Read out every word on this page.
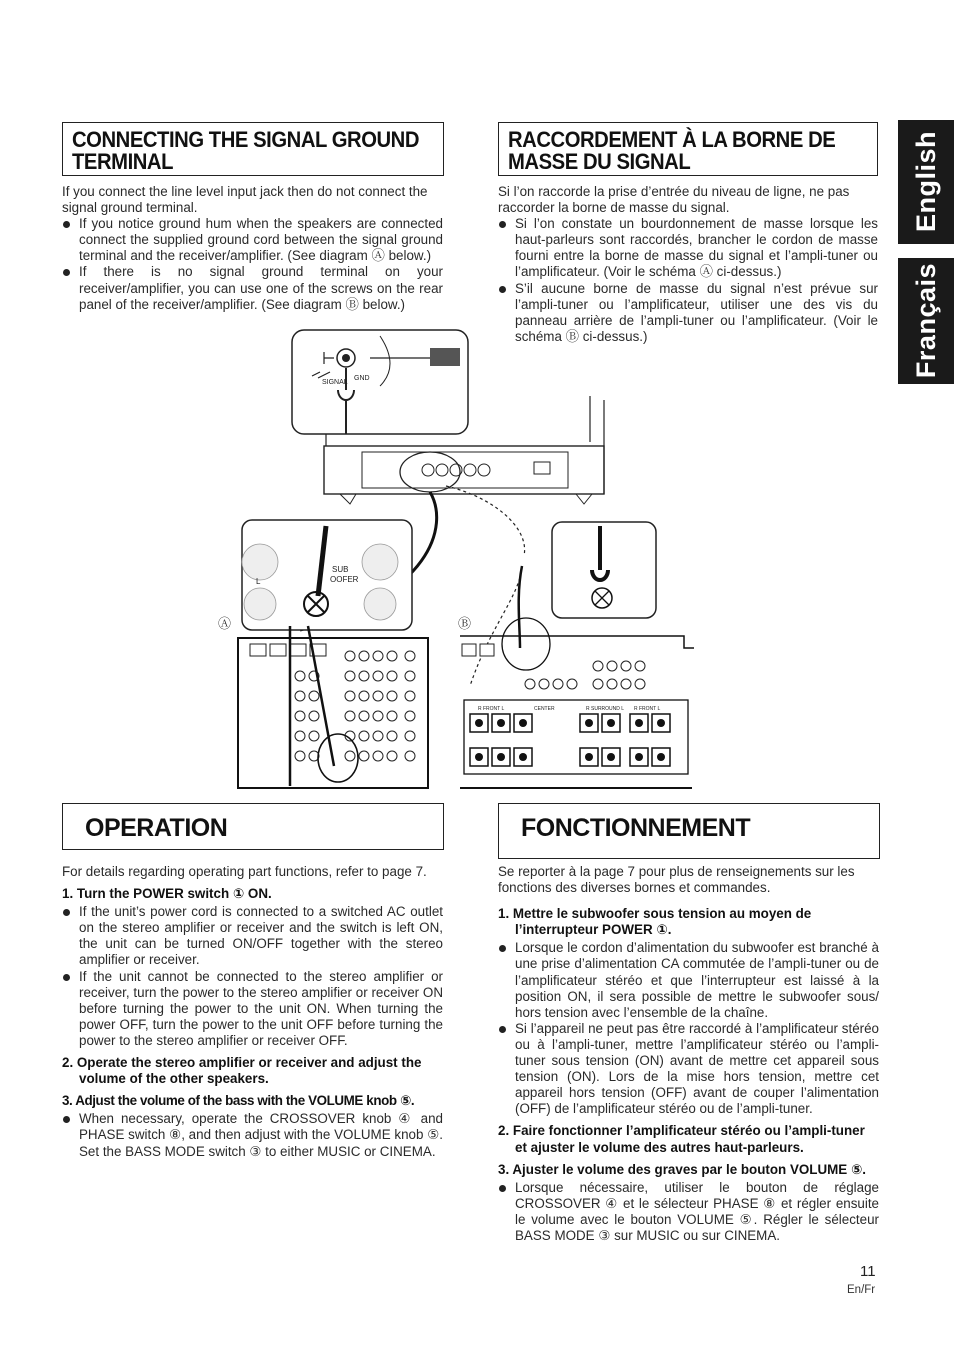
English
Français
CONNECTING THE SIGNAL GROUND
TERMINAL
RACCORDEMENT À LA BORNE DE
MASSE DU SIGNAL

If you connect the line level input jack then do not connect the signal ground terminal.

If you notice ground hum when the speakers are connected connect the supplied ground cord between the signal ground terminal and the receiver/amplifier. (See diagram Ⓐ below.)
If there is no signal ground terminal on your receiver/amplifier, you can use one of the screws on the rear panel of the receiver/amplifier. (See diagram Ⓑ below.)

Si l’on raccorde la prise d’entrée du niveau de ligne, ne pas raccorder la borne de masse du signal.

Si l’on constate un bourdonnement de masse lorsque les haut-parleurs sont raccordés, brancher le cordon de masse fourni entre la borne de masse du signal et l’ampli-tuner ou l’amplificateur. (Voir le schéma Ⓐ ci-dessus.)
S’il aucune borne de masse du signal n’est prévue sur l’ampli-tuner ou l’amplificateur, utiliser une des vis du panneau arrière de l’ampli-tuner ou l’amplificateur. (Voir le schéma Ⓑ ci-dessus.)
SIGNAL
GND
SUB
OOFER
L
Ⓐ	Ⓑ
R FRONT L	CENTER	R SURROUND L R FRONT L
OPERATION	FONCTIONNEMENT

For details regarding operating part functions, refer to page 7.

1. Turn the POWER switch ① ON.

If the unit’s power cord is connected to a switched AC outlet on the stereo amplifier or receiver and the switch is left ON, the unit can be turned ON/OFF together with the stereo amplifier or receiver.
If the unit cannot be connected to the stereo amplifier or receiver, turn the power to the stereo amplifier or receiver ON before turning the power to the unit ON. When turning the power OFF, turn the power to the unit OFF before turning the power to the stereo amplifier or receiver OFF.

2. Operate the stereo amplifier or receiver and adjust the volume of the other speakers.

3. Adjust the volume of the bass with the VOLUME knob ⑤.

When necessary, operate the CROSSOVER knob ④ and PHASE switch ⑧, and then adjust with the VOLUME knob ⑤. Set the BASS MODE switch ③ to either MUSIC or CINEMA.

Se reporter à la page 7 pour plus de renseignements sur les fonctions des diverses bornes et commandes.

1. Mettre le subwoofer sous tension au moyen de l’interrupteur POWER ①.

Lorsque le cordon d’alimentation du subwoofer est branché à une prise d’alimentation CA commutée de l’ampli-tuner ou de l’amplificateur stéréo et que l’interrupteur est laissé à la position ON, il sera possible de mettre le subwoofer sous/ hors tension avec l’ensemble de la chaîne.
Si l’appareil ne peut pas être raccordé à l’amplificateur stéréo ou à l’ampli-tuner, mettre l’amplificateur stéréo ou l’ampli-tuner sous tension (ON) avant de mettre cet appareil sous tension (ON). Lors de la mise hors tension, mettre cet appareil hors tension (OFF) avant de couper l’alimentation (OFF) de l’amplificateur stéréo ou de l’ampli-tuner.

2. Faire fonctionner l’amplificateur stéréo ou l’ampli-tuner et ajuster le volume des autres haut-parleurs.

3. Ajuster le volume des graves par le bouton VOLUME ⑤.

Lorsque nécessaire, utiliser le bouton de réglage CROSSOVER ④ et le sélecteur PHASE ⑧ et régler ensuite le volume avec le bouton VOLUME ⑤. Régler le sélecteur BASS MODE ③ sur MUSIC ou sur CINEMA.
11
En/Fr
